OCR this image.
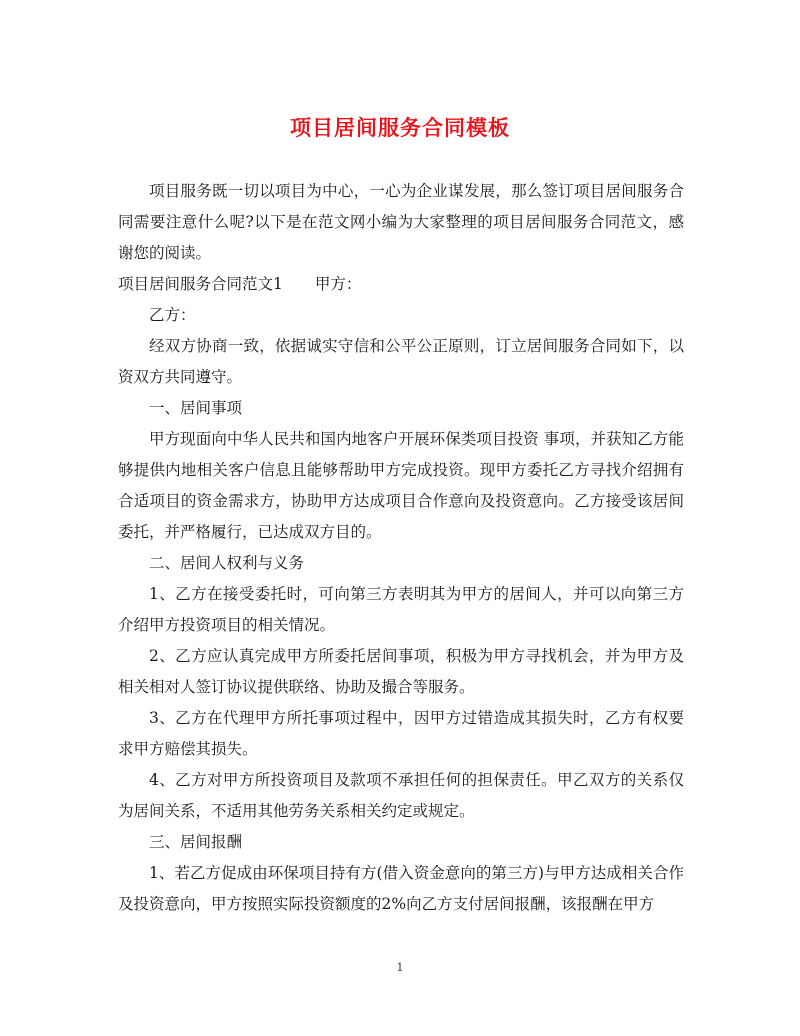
项目居间服务合同模板

项目服务既一切以项目为中心，一心为企业谋发展，那么签订项目居间服务合同需要注意什么呢?以下是在范文网小编为大家整理的项目居间服务合同范文，感谢您的阅读。

项目居间服务合同范文1 甲方：

乙方：

经双方协商一致，依据诚实守信和公平公正原则，订立居间服务合同如下，以资双方共同遵守。

一、居间事项

甲方现面向中华人民共和国内地客户开展环保类项目投资 事项，并获知乙方能够提供内地相关客户信息且能够帮助甲方完成投资。现甲方委托乙方寻找介绍拥有合适项目的资金需求方，协助甲方达成项目合作意向及投资意向。乙方接受该居间委托，并严格履行，已达成双方目的。

二、居间人权利与义务

1、乙方在接受委托时，可向第三方表明其为甲方的居间人，并可以向第三方介绍甲方投资项目的相关情况。

2、乙方应认真完成甲方所委托居间事项，积极为甲方寻找机会，并为甲方及相关相对人签订协议提供联络、协助及撮合等服务。

3、乙方在代理甲方所托事项过程中，因甲方过错造成其损失时，乙方有权要求甲方赔偿其损失。

4、乙方对甲方所投资项目及款项不承担任何的担保责任。甲乙双方的关系仅为居间关系，不适用其他劳务关系相关约定或规定。

三、居间报酬

1、若乙方促成由环保项目持有方(借入资金意向的第三方)与甲方达成相关合作及投资意向，甲方按照实际投资额度的2%向乙方支付居间报酬，该报酬在甲方

1
